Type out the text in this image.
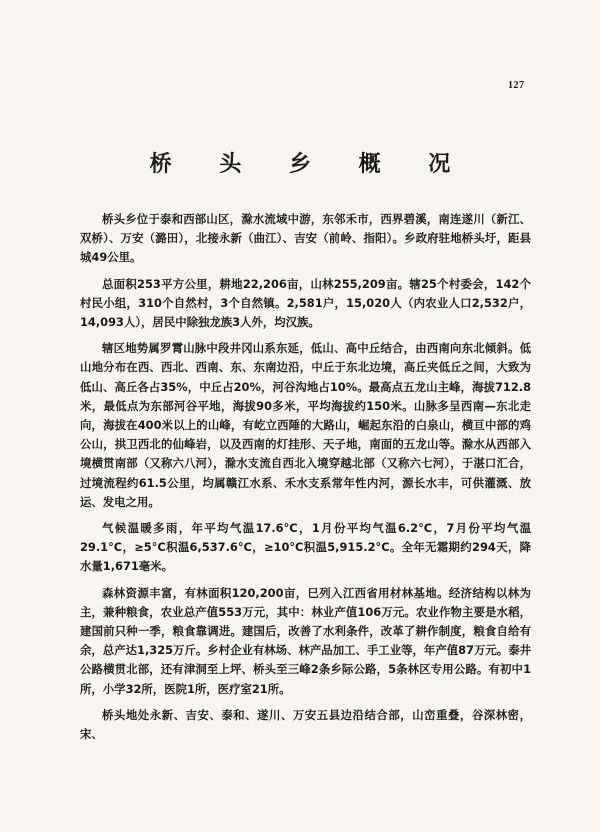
127
桥 头 乡 概 况

桥头乡位于泰和西部山区，滁水流域中游，东邻禾市，西界碧溪，南连遂川（新江、双桥）、万安（潞田），北接永新（曲江）、吉安（前岭、指阳）。乡政府驻地桥头圩，距县城49公里。

总面积253平方公里，耕地22,206亩，山林255,209亩。辖25个村委会，142个村民小组，310个自然村，3个自然镇。2,581户，15,020人（内农业人口2,532户，14,093人），居民中除独龙族3人外，均汉族。

辖区地势属罗霄山脉中段井冈山系东延，低山、高中丘结合，由西南向东北倾斜。低山地分布在西、西北、西南、东、东南边沿，中丘于东北边境，高丘夹低丘之间，大致为低山、高丘各占35%，中丘占20%，河谷沟地占10%。最高点五龙山主峰，海拔712.8米，最低点为东部河谷平地，海拔90多米，平均海拔约150米。山脉多呈西南—东北走向，海拔在400米以上的山峰，有屹立西陲的大路山，崛起东沿的白泉山，横亘中部的鸡公山，拱卫西北的仙峰岩，以及西南的灯挂形、天子地，南面的五龙山等。滁水从西部入境横贯南部（又称六八河），滁水支流自西北入境穿越北部（又称六七河），于湛口汇合，过境流程约61.5公里，均属赣江水系、禾水支系常年性内河，源长水丰，可供灌溉、放运、发电之用。

气候温暖多雨，年平均气温17.6°C，1月份平均气温6.2°C，7月份平均气温29.1°C，≥5°C积温6,537.6°C，≥10°C积温5,915.2°C。全年无霜期约294天，降水量1,671毫米。

森林资源丰富，有林面积120,200亩，巳列入江西省用材林基地。经济结构以林为主，兼种粮食，农业总产值553万元，其中：林业产值106万元。农业作物主要是水稻，建国前只种一季，粮食靠调进。建国后，改善了水利条件，改革了耕作制度，粮食自给有余，总产达1,325万斤。乡村企业有林场、林产品加工、手工业等，年产值87万元。泰井公路横贯北部，还有津洞至上坪、桥头至三峰2条乡际公路，5条林区专用公路。有初中1所，小学32所，医院1所，医疗室21所。

桥头地处永新、吉安、泰和、遂川、万安五县边沿结合部，山峦重叠，谷深林密，宋、
